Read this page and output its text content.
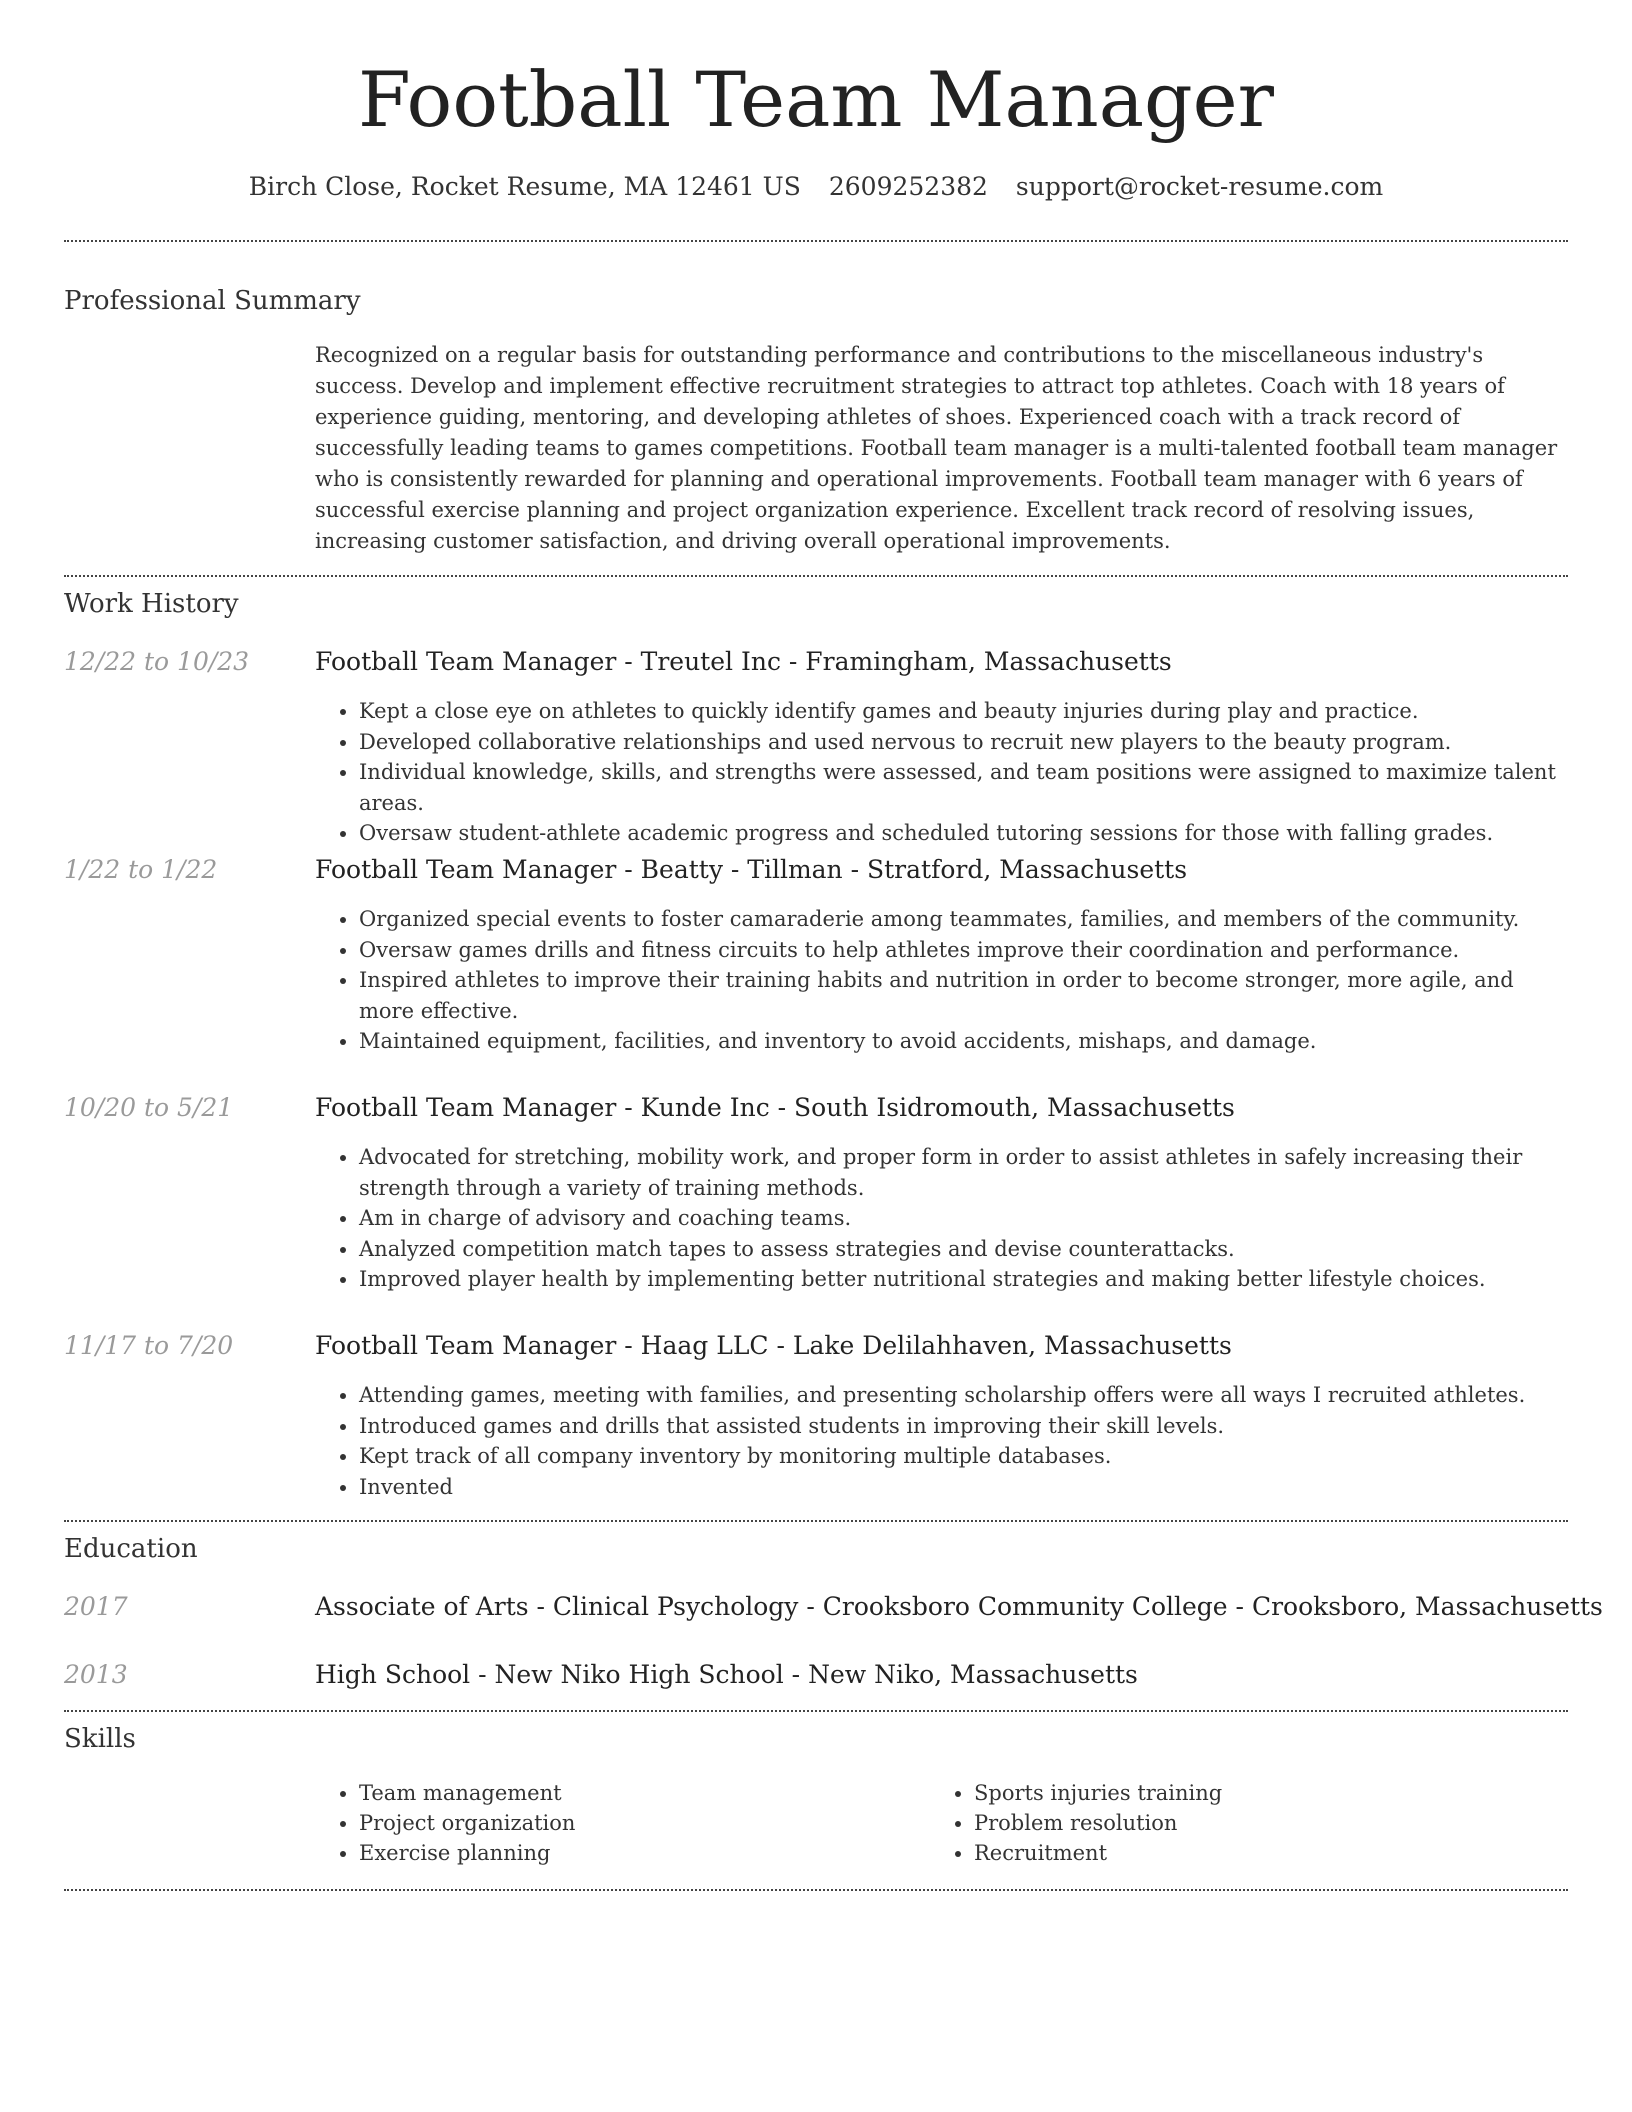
Football Team Manager
Birch Close, Rocket Resume, MA 12461 US 2609252382 support@rocket-resume.com
Professional Summary

Recognized on a regular basis for outstanding performance and contributions to the miscellaneous industry's success. Develop and implement effective recruitment strategies to attract top athletes. Coach with 18 years of experience guiding, mentoring, and developing athletes of shoes. Experienced coach with a track record of successfully leading teams to games competitions. Football team manager is a multi-talented football team manager who is consistently rewarded for planning and operational improvements. Football team manager with 6 years of successful exercise planning and project organization experience. Excellent track record of resolving issues, increasing customer satisfaction, and driving overall operational improvements.

Work History
12/22 to 10/23	Football Team Manager - Treutel Inc - Framingham, Massachusetts
• Kept a close eye on athletes to quickly identify games and beauty injuries during play and practice.
• Developed collaborative relationships and used nervous to recruit new players to the beauty program.
• Individual knowledge, skills, and strengths were assessed, and team positions were assigned to maximize talent areas.
• Oversaw student-athlete academic progress and scheduled tutoring sessions for those with falling grades.
1/22 to 1/22	Football Team Manager - Beatty - Tillman - Stratford, Massachusetts
• Organized special events to foster camaraderie among teammates, families, and members of the community.
• Oversaw games drills and fitness circuits to help athletes improve their coordination and performance.
• Inspired athletes to improve their training habits and nutrition in order to become stronger, more agile, and more effective.
• Maintained equipment, facilities, and inventory to avoid accidents, mishaps, and damage.
10/20 to 5/21	Football Team Manager - Kunde Inc - South Isidromouth, Massachusetts
• Advocated for stretching, mobility work, and proper form in order to assist athletes in safely increasing their strength through a variety of training methods.
• Am in charge of advisory and coaching teams.
• Analyzed competition match tapes to assess strategies and devise counterattacks.
• Improved player health by implementing better nutritional strategies and making better lifestyle choices.
11/17 to 7/20	Football Team Manager - Haag LLC - Lake Delilahhaven, Massachusetts
• Attending games, meeting with families, and presenting scholarship offers were all ways I recruited athletes.
• Introduced games and drills that assisted students in improving their skill levels.
• Kept track of all company inventory by monitoring multiple databases.
• Invented
Education
2017	Associate of Arts - Clinical Psychology - Crooksboro Community College - Crooksboro, Massachusetts
2013	High School - New Niko High School - New Niko, Massachusetts
Skills
• Team management
• Project organization
• Exercise planning
• Sports injuries training
• Problem resolution
• Recruitment
